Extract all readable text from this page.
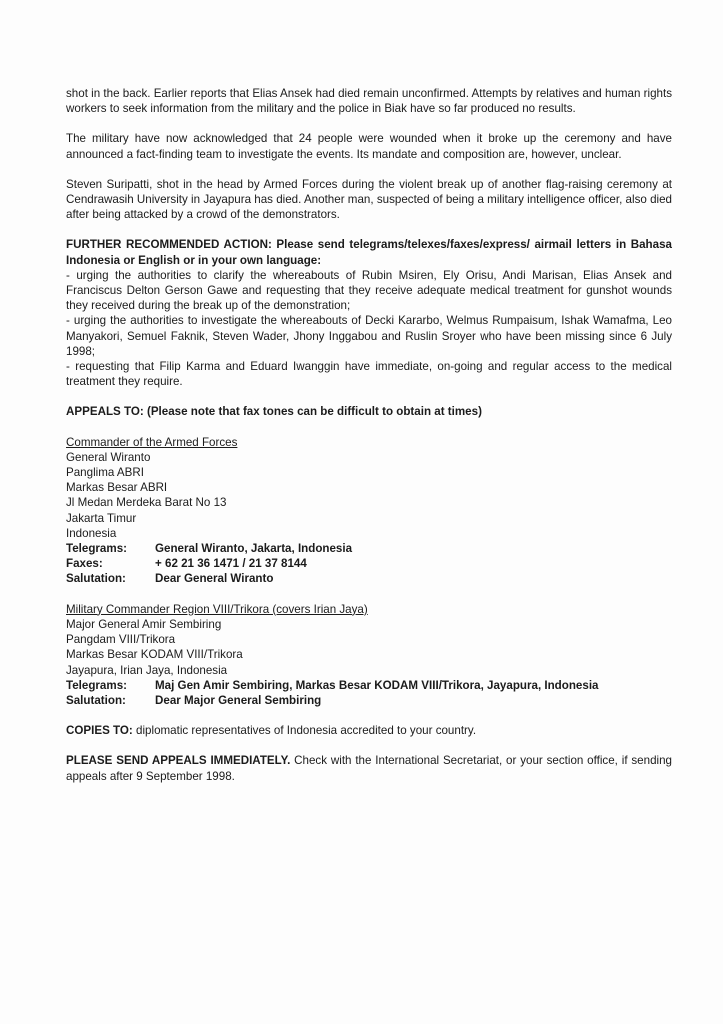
shot in the back. Earlier reports that Elias Ansek had died remain unconfirmed. Attempts by relatives and human rights workers to seek information from the military and the police in Biak have so far produced no results.

The military have now acknowledged that 24 people were wounded when it broke up the ceremony and have announced a fact-finding team to investigate the events. Its mandate and composition are, however, unclear.

Steven Suripatti, shot in the head by Armed Forces during the violent break up of another flag-raising ceremony at Cendrawasih University in Jayapura has died. Another man, suspected of being a military intelligence officer, also died after being attacked by a crowd of the demonstrators.

FURTHER RECOMMENDED ACTION: Please send telegrams/telexes/faxes/express/ airmail letters in Bahasa Indonesia or English or in your own language:

- urging the authorities to clarify the whereabouts of Rubin Msiren, Ely Orisu, Andi Marisan, Elias Ansek and Franciscus Delton Gerson Gawe and requesting that they receive adequate medical treatment for gunshot wounds they received during the break up of the demonstration;

- urging the authorities to investigate the whereabouts of Decki Kararbo, Welmus Rumpaisum, Ishak Wamafma, Leo Manyakori, Semuel Faknik, Steven Wader, Jhony Inggabou and Ruslin Sroyer who have been missing since 6 July 1998;

- requesting that Filip Karma and Eduard Iwanggin have immediate, on-going and regular access to the medical treatment they require.

APPEALS TO: (Please note that fax tones can be difficult to obtain at times)

Commander of the Armed Forces
General Wiranto
Panglima ABRI
Markas Besar ABRI
Jl Medan Merdeka Barat No 13
Jakarta Timur
Indonesia
Telegrams:	General Wiranto, Jakarta, Indonesia
Faxes:	+ 62 21 36 1471 / 21 37 8144
Salutation:	Dear General Wiranto
Military Commander Region VIII/Trikora (covers Irian Jaya)
Major General Amir Sembiring
Pangdam VIII/Trikora
Markas Besar KODAM VIII/Trikora
Jayapura, Irian Jaya, Indonesia
Telegrams:	Maj Gen Amir Sembiring, Markas Besar KODAM VIII/Trikora, Jayapura, Indonesia
Salutation:	Dear Major General Sembiring

COPIES TO: diplomatic representatives of Indonesia accredited to your country.

PLEASE SEND APPEALS IMMEDIATELY. Check with the International Secretariat, or your section office, if sending appeals after 9 September 1998.
